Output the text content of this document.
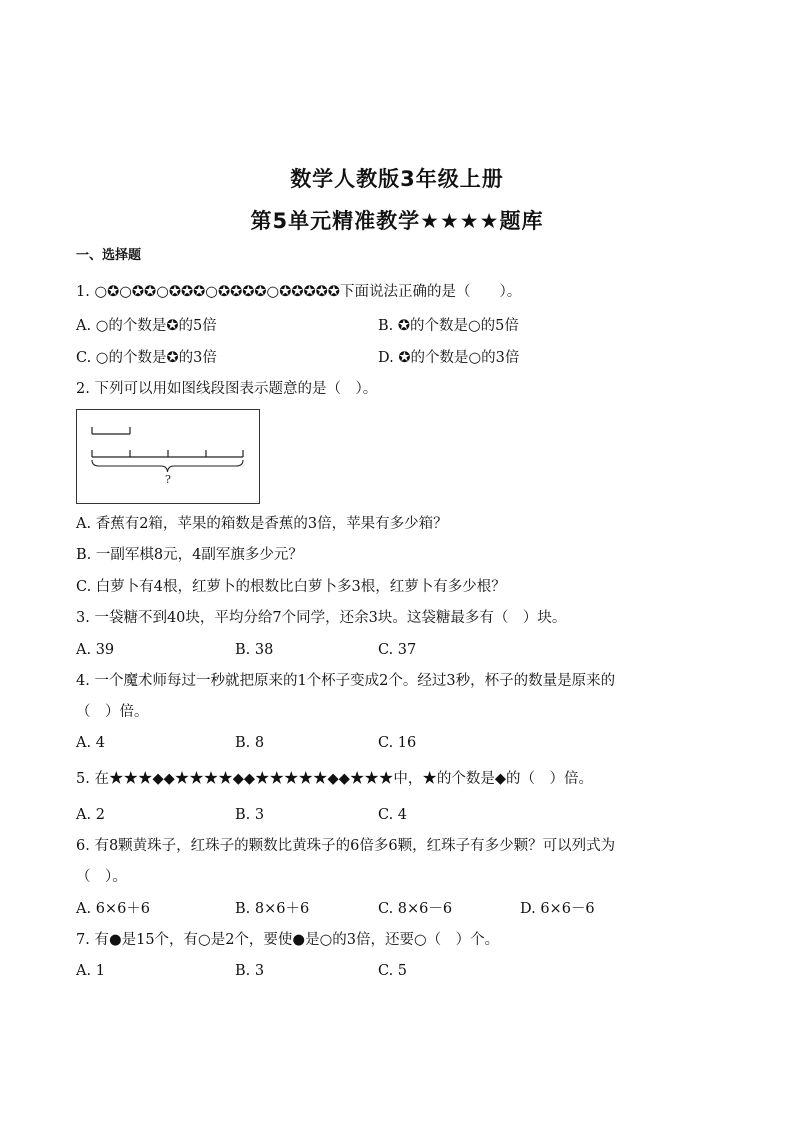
数学人教版3年级上册
第5单元精准教学★★★★题库
一、选择题
1. ○✪○✪✪○✪✪✪○✪✪✪✪○✪✪✪✪✪下面说法正确的是（　　）。
A. ○的个数是✪的5倍	B. ✪的个数是○的5倍
C. ○的个数是✪的3倍	D. ✪的个数是○的3倍
2. 下列可以用如图线段图表示题意的是（　）。
?
A. 香蕉有2箱，苹果的箱数是香蕉的3倍，苹果有多少箱？
B. 一副军棋8元，4副军旗多少元？
C. 白萝卜有4根，红萝卜的根数比白萝卜多3根，红萝卜有多少根？
3. 一袋糖不到40块，平均分给7个同学，还余3块。这袋糖最多有（　）块。
A. 39	B. 38	C. 37
4. 一个魔术师每过一秒就把原来的1个杯子变成2个。经过3秒，杯子的数量是原来的
（　）倍。
A. 4	B. 8	C. 16
5. 在★★★◆◆★★★★◆◆★★★★★◆◆★★★中，★的个数是◆的（　）倍。
A. 2	B. 3	C. 4
6. 有8颗黄珠子，红珠子的颗数比黄珠子的6倍多6颗，红珠子有多少颗？可以列式为
（　）。
A. 6×6＋6	B. 8×6＋6	C. 8×6－6	D. 6×6－6
7. 有●是15个，有○是2个，要使●是○的3倍，还要○（　）个。
A. 1	B. 3	C. 5
